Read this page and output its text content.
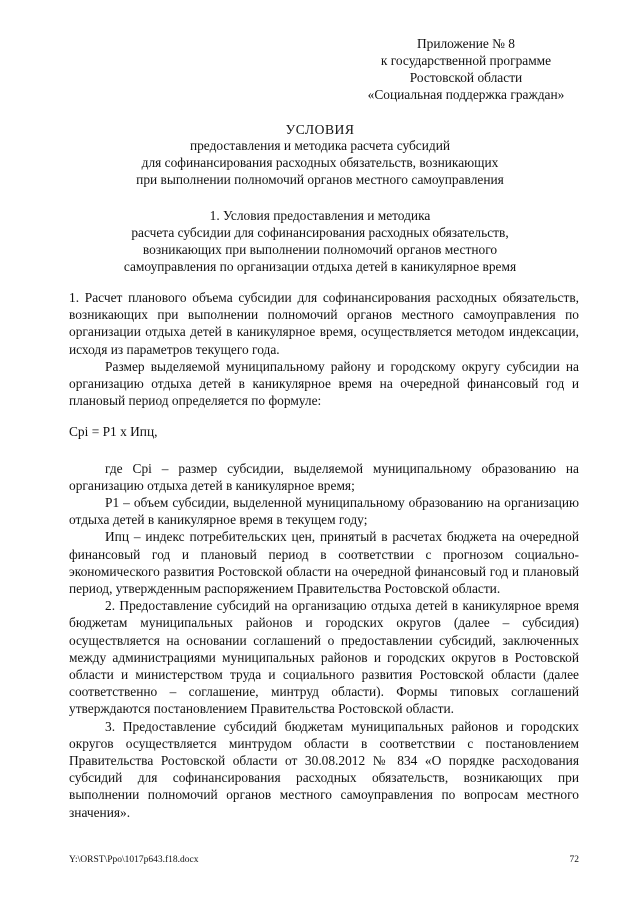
Приложение № 8
к государственной программе
Ростовской области
«Социальная поддержка граждан»
УСЛОВИЯ
предоставления и методика расчета субсидий
для софинансирования расходных обязательств, возникающих
при выполнении полномочий органов местного самоуправления
1. Условия предоставления и методика
расчета субсидии для софинансирования расходных обязательств,
возникающих при выполнении полномочий органов местного
самоуправления по организации отдыха детей в каникулярное время

1. Расчет планового объема субсидии для софинансирования расходных обязательств, возникающих при выполнении полномочий органов местного самоуправления по организации отдыха детей в каникулярное время, осуществляется методом индексации, исходя из параметров текущего года.

Размер выделяемой муниципальному району и городскому округу субсидии на организацию отдыха детей в каникулярное время на очередной финансовый год и плановый период определяется по формуле:

Срi = Р1 х Ипц,

где Срi – размер субсидии, выделяемой муниципальному образованию на организацию отдыха детей в каникулярное время;

Р1 – объем субсидии, выделенной муниципальному образованию на организацию отдыха детей в каникулярное время в текущем году;

Ипц – индекс потребительских цен, принятый в расчетах бюджета на очередной финансовый год и плановый период в соответствии с прогнозом социально-экономического развития Ростовской области на очередной финансовый год и плановый период, утвержденным распоряжением Правительства Ростовской области.

2. Предоставление субсидий на организацию отдыха детей в каникулярное время бюджетам муниципальных районов и городских округов (далее – субсидия) осуществляется на основании соглашений о предоставлении субсидий, заключенных между администрациями муниципальных районов и городских округов в Ростовской области и министерством труда и социального развития Ростовской области (далее соответственно – соглашение, минтруд области). Формы типовых соглашений утверждаются постановлением Правительства Ростовской области.

3. Предоставление субсидий бюджетам муниципальных районов и городских округов осуществляется минтрудом области в соответствии с постановлением Правительства Ростовской области от 30.08.2012 № 834 «О порядке расходования субсидий для софинансирования расходных обязательств, возникающих при выполнении полномочий органов местного самоуправления по вопросам местного значения».

Y:\ORST\Ppo\1017p643.f18.docx	72
